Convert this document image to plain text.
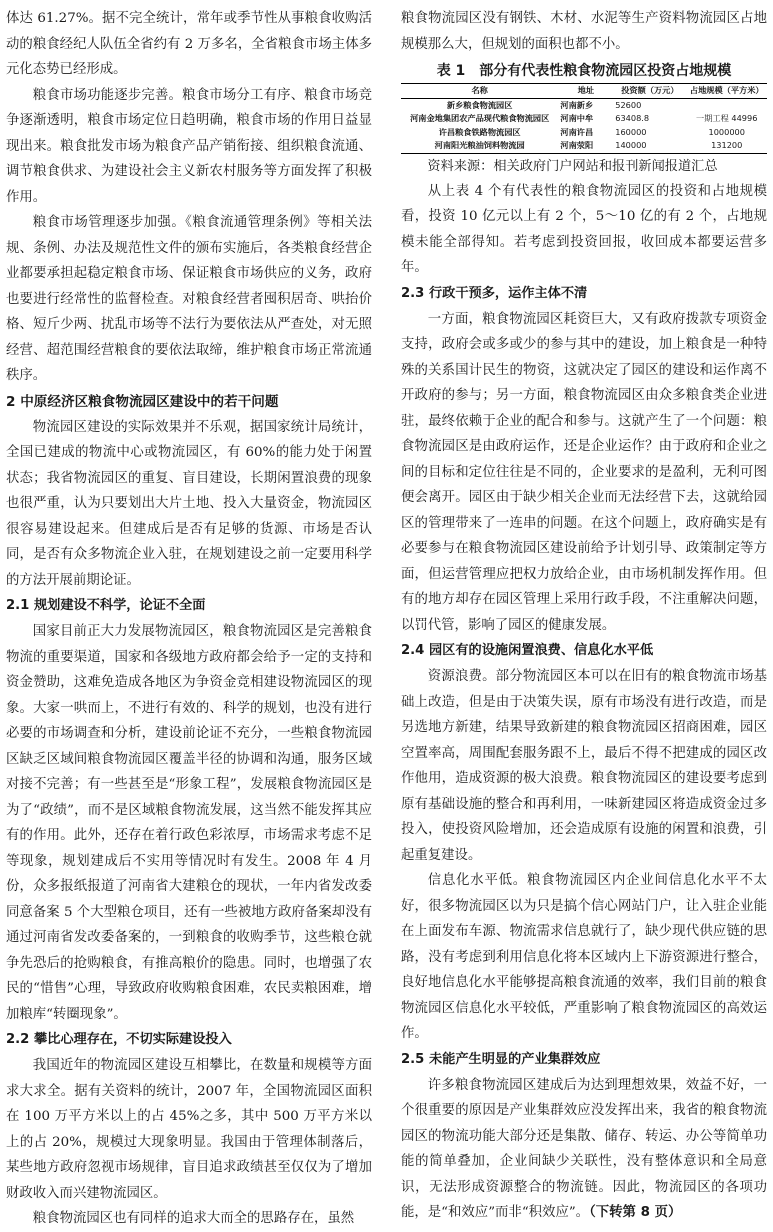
体达 61.27%。据不完全统计，常年或季节性从事粮食收购活动的粮食经纪人队伍全省约有 2 万多名，全省粮食市场主体多元化态势已经形成。

粮食市场功能逐步完善。粮食市场分工有序、粮食市场竞争逐渐透明，粮食市场定位日趋明确，粮食市场的作用日益显现出来。粮食批发市场为粮食产品产销衔接、组织粮食流通、调节粮食供求、为建设社会主义新农村服务等方面发挥了积极作用。

粮食市场管理逐步加强。《粮食流通管理条例》等相关法规、条例、办法及规范性文件的颁布实施后，各类粮食经营企业都要承担起稳定粮食市场、保证粮食市场供应的义务，政府也要进行经常性的监督检查。对粮食经营者囤积居奇、哄抬价格、短斤少两、扰乱市场等不法行为要依法从严查处，对无照经营、超范围经营粮食的要依法取缔，维护粮食市场正常流通秩序。

2 中原经济区粮食物流园区建设中的若干问题

物流园区建设的实际效果并不乐观，据国家统计局统计，全国已建成的物流中心或物流园区，有 60%的能力处于闲置状态；我省物流园区的重复、盲目建设，长期闲置浪费的现象也很严重，认为只要划出大片土地、投入大量资金，物流园区很容易建设起来。但建成后是否有足够的货源、市场是否认同，是否有众多物流企业入驻，在规划建设之前一定要用科学的方法开展前期论证。

2.1 规划建设不科学，论证不全面

国家目前正大力发展物流园区，粮食物流园区是完善粮食物流的重要渠道，国家和各级地方政府都会给予一定的支持和资金赞助，这难免造成各地区为争资金竞相建设物流园区的现象。大家一哄而上，不进行有效的、科学的规划，也没有进行必要的市场调查和分析，建设前论证不充分，一些粮食物流园区缺乏区域间粮食物流园区覆盖半径的协调和沟通，服务区域对接不完善；有一些甚至是“形象工程”，发展粮食物流园区是为了“政绩”，而不是区域粮食物流发展，这当然不能发挥其应有的作用。此外，还存在着行政色彩浓厚，市场需求考虑不足等现象，规划建成后不实用等情况时有发生。2008 年 4 月份，众多报纸报道了河南省大建粮仓的现状，一年内省发改委同意备案 5 个大型粮仓项目，还有一些被地方政府备案却没有通过河南省发改委备案的，一到粮食的收购季节，这些粮仓就争先恐后的抢购粮食，有推高粮价的隐患。同时，也增强了农民的“惜售”心理，导致政府收购粮食困难，农民卖粮困难，增加粮库“转圈现象”。

2.2 攀比心理存在，不切实际建设投入

我国近年的物流园区建设互相攀比，在数量和规模等方面求大求全。据有关资料的统计，2007 年，全国物流园区面积在 100 万平方米以上的占 45%之多，其中 500 万平方米以上的占 20%，规模过大现象明显。我国由于管理体制落后，某些地方政府忽视市场规律，盲目追求政绩甚至仅仅为了增加财政收入而兴建物流园区。

粮食物流园区也有同样的追求大而全的思路存在，虽然

粮食物流园区没有钢铁、木材、水泥等生产资料物流园区占地规模那么大，但规划的面积也都不小。

表 1　部分有代表性粮食物流园区投资占地规模
名称	地址	投资额（万元）	占地规模（平方米）
新乡粮食物流园区	河南新乡	52600	
河南金地集团农产品现代粮食物流园区	河南中牟	63408.8	一期工程 44996
许昌粮食铁路物流园区	河南许昌	160000	1000000
河南阳光粮油饲料物流园	河南荥阳	140000	131200

资料来源：相关政府门户网站和报刊新闻报道汇总

从上表 4 个有代表性的粮食物流园区的投资和占地规模看，投资 10 亿元以上有 2 个，5～10 亿的有 2 个，占地规模未能全部得知。若考虑到投资回报，收回成本都要运营多年。

2.3 行政干预多，运作主体不清

一方面，粮食物流园区耗资巨大，又有政府拨款专项资金支持，政府会或多或少的参与其中的建设，加上粮食是一种特殊的关系国计民生的物资，这就决定了园区的建设和运作离不开政府的参与；另一方面，粮食物流园区由众多粮食类企业进驻，最终依赖于企业的配合和参与。这就产生了一个问题：粮食物流园区是由政府运作，还是企业运作？由于政府和企业之间的目标和定位往往是不同的，企业要求的是盈利，无利可图便会离开。园区由于缺少相关企业而无法经营下去，这就给园区的管理带来了一连串的问题。在这个问题上，政府确实是有必要参与在粮食物流园区建设前给予计划引导、政策制定等方面，但运营管理应把权力放给企业，由市场机制发挥作用。但有的地方却存在园区管理上采用行政手段，不注重解决问题，以罚代管，影响了园区的健康发展。

2.4 园区有的设施闲置浪费、信息化水平低

资源浪费。部分物流园区本可以在旧有的粮食物流市场基础上改造，但是由于决策失误，原有市场没有进行改造，而是另选地方新建，结果导致新建的粮食物流园区招商困难，园区空置率高，周围配套服务跟不上，最后不得不把建成的园区改作他用，造成资源的极大浪费。粮食物流园区的建设要考虑到原有基础设施的整合和再利用，一味新建园区将造成资金过多投入，使投资风险增加，还会造成原有设施的闲置和浪费，引起重复建设。

信息化水平低。粮食物流园区内企业间信息化水平不太好，很多物流园区以为只是搞个信心网站门户，让入驻企业能在上面发布车源、物流需求信息就行了，缺少现代供应链的思路，没有考虑到利用信息化将本区域内上下游资源进行整合，良好地信息化水平能够提高粮食流通的效率，我们目前的粮食物流园区信息化水平较低，严重影响了粮食物流园区的高效运作。

2.5 未能产生明显的产业集群效应

许多粮食物流园区建成后为达到理想效果，效益不好，一个很重要的原因是产业集群效应没发挥出来，我省的粮食物流园区的物流功能大部分还是集散、储存、转运、办公等简单功能的简单叠加，企业间缺少关联性，没有整体意识和全局意识，无法形成资源整合的物流链。因此，物流园区的各项功能，是“和效应”而非“积效应”。（下转第 8 页）
